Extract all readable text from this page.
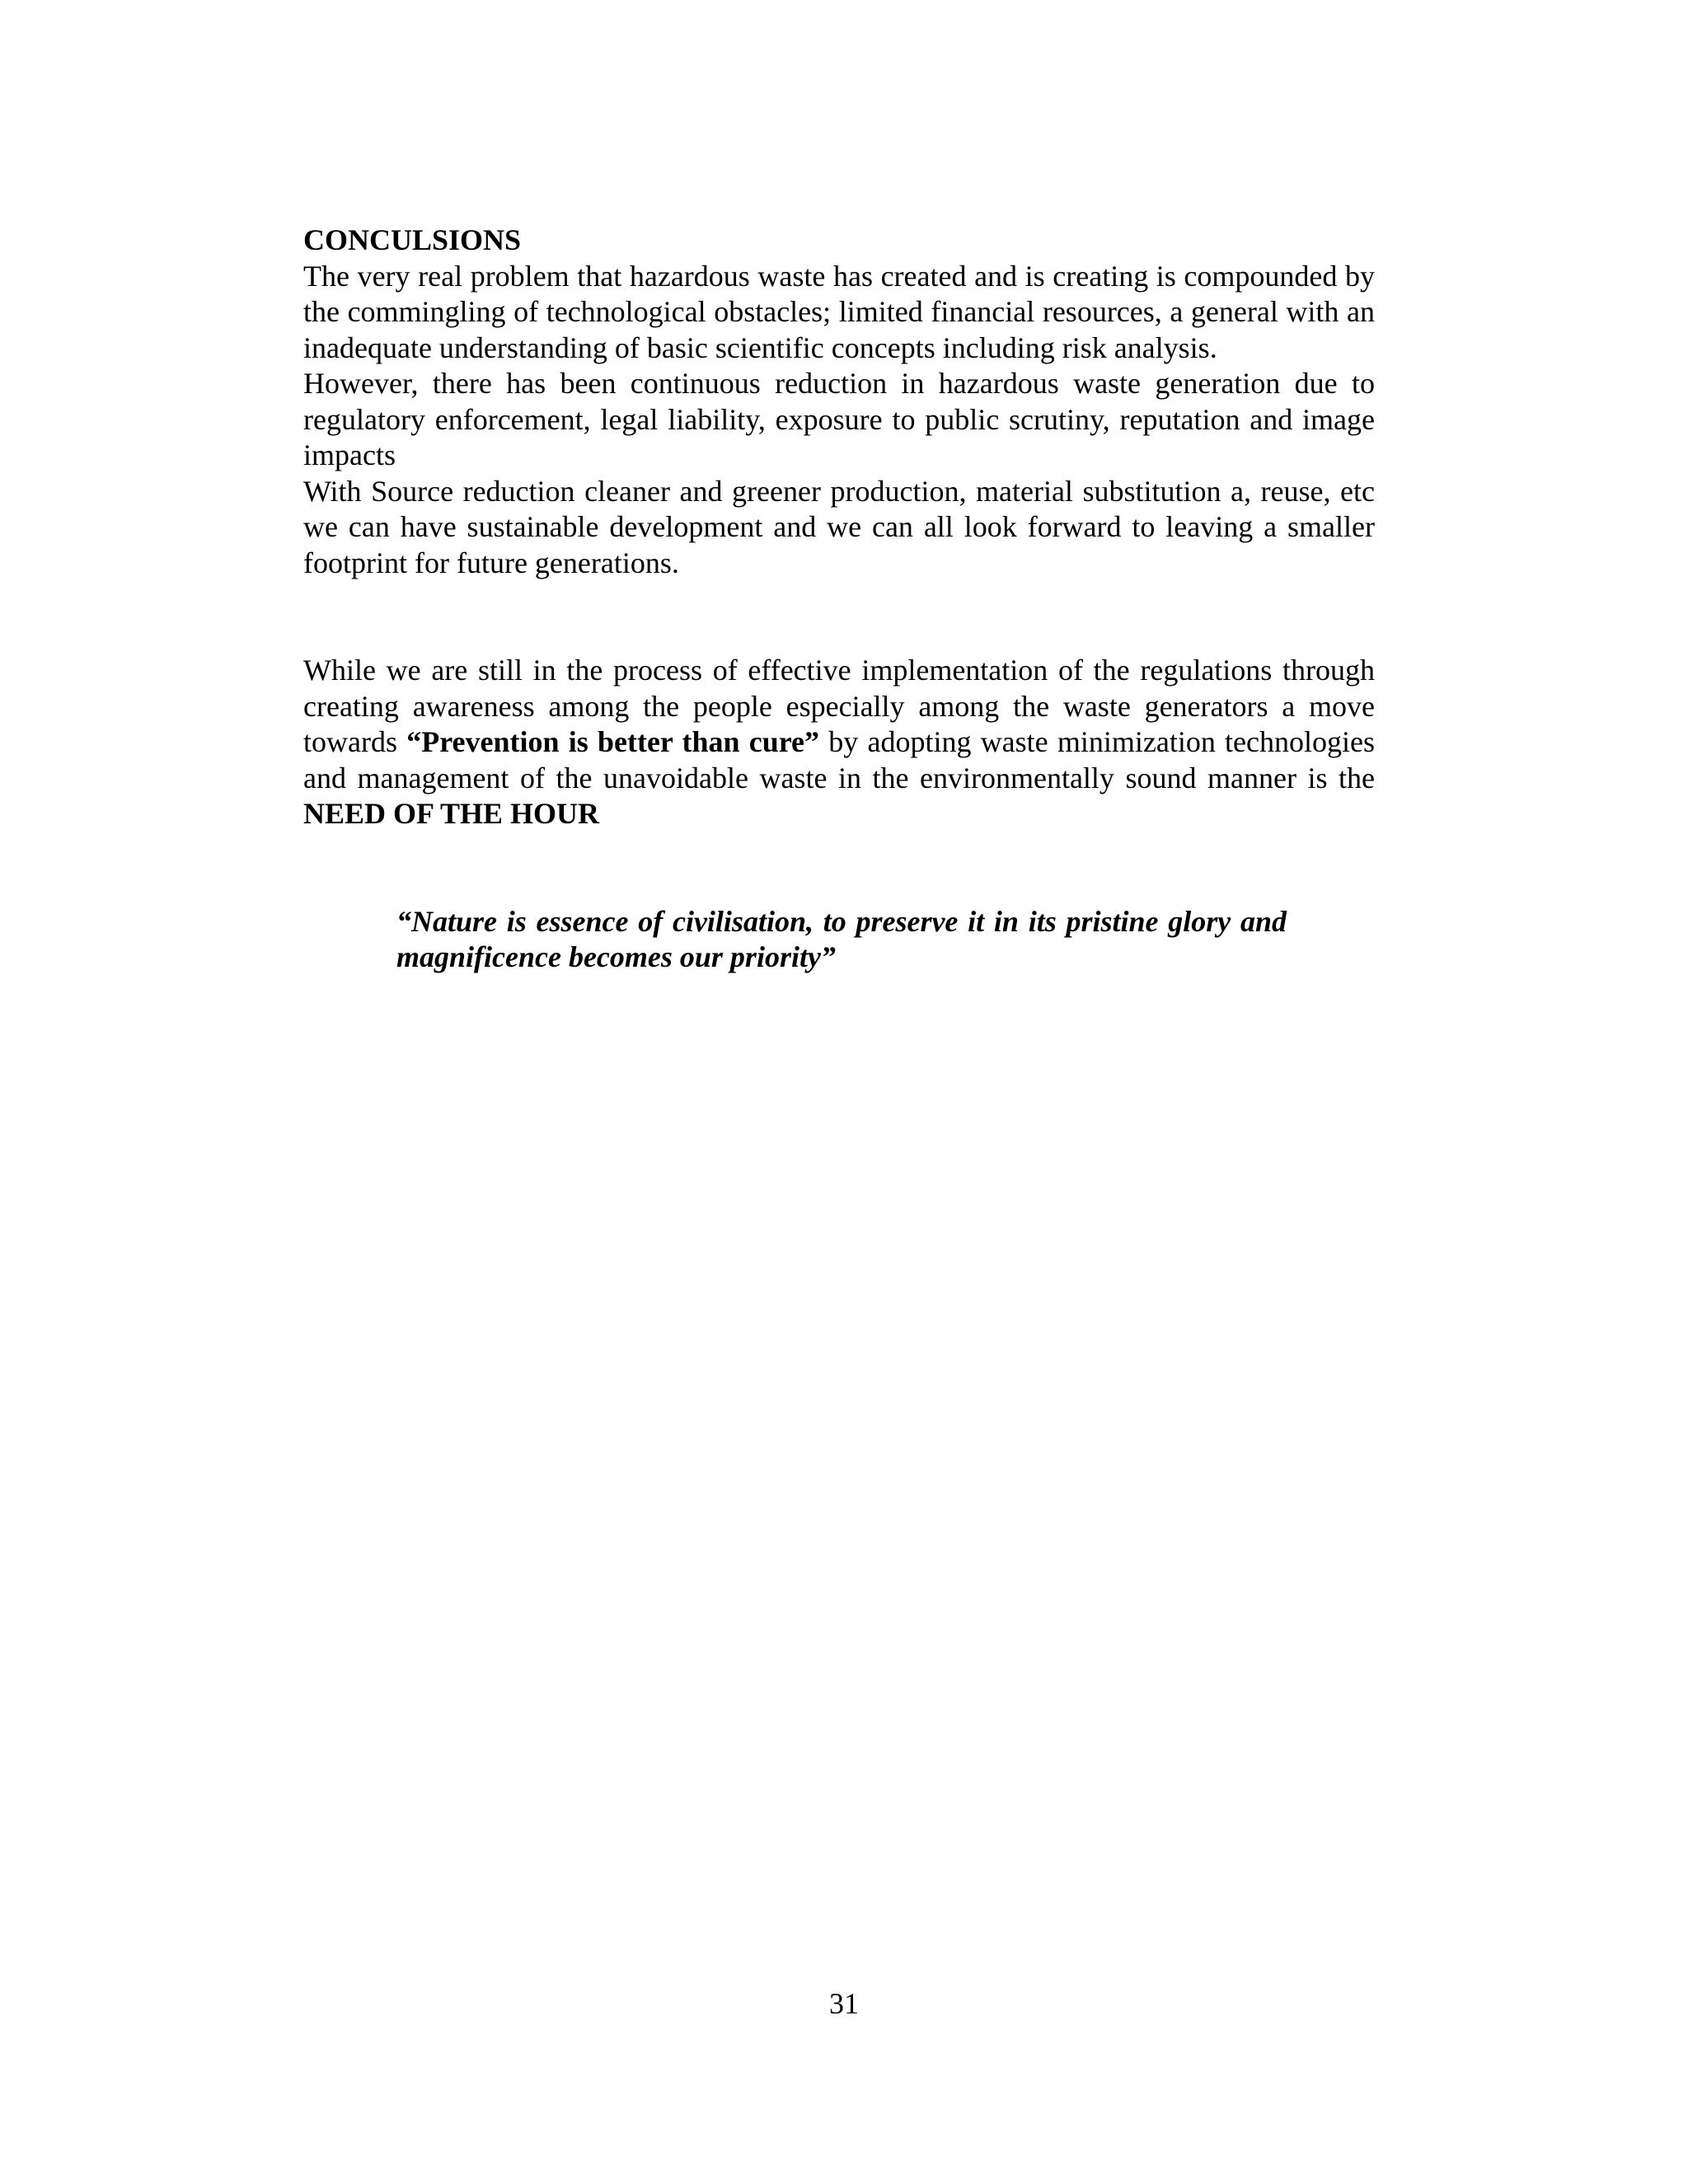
CONCULSIONS

The very real problem that hazardous waste has created and is creating is compounded by the commingling of technological obstacles; limited financial resources, a general with an inadequate understanding of basic scientific concepts including risk analysis.

However, there has been continuous reduction in hazardous waste generation due to regulatory enforcement, legal liability, exposure to public scrutiny, reputation and image impacts

With Source reduction cleaner and greener production, material substitution a, reuse, etc we can have sustainable development and we can all look forward to leaving a smaller footprint for future generations.

While we are still in the process of effective implementation of the regulations through creating awareness among the people especially among the waste generators a move towards “Prevention is better than cure” by adopting waste minimization technologies and management of the unavoidable waste in the environmentally sound manner is the NEED OF THE HOUR

“Nature is essence of civilisation, to preserve it in its pristine glory and magnificence becomes our priority”

31
